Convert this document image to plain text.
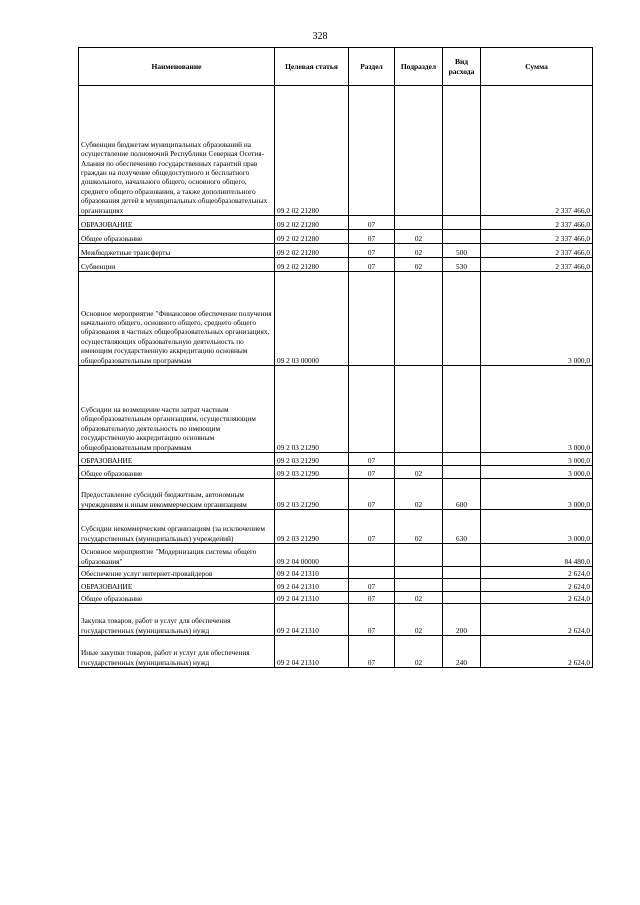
328
Наименование	Целевая статья	Раздел	Подраздел	Вид расхода	Сумма
Субвенции бюджетам муниципальных образований на осуществление полномочий Республики Северная Осетия-Алания по обеспечению государственных гарантий прав граждан на получение общедоступного и бесплатного дошкольного, начального общего, основного общего, среднего общего образования, а также дополнительного образования детей в муниципальных общеобразовательных организациях	09 2 02 21280				2 337 466,0
ОБРАЗОВАНИЕ	09 2 02 21280	07			2 337 466,0
Общее образование	09 2 02 21280	07	02		2 337 466,0
Межбюджетные трансферты	09 2 02 21280	07	02	500	2 337 466,0
Субвенции	09 2 02 21280	07	02	530	2 337 466,0
Основное мероприятие "Финансовое обеспечение получения начального общего, основного общего, среднего общего образования в частных общеобразовательных организациях, осуществляющих образовательную деятельность по имеющим государственную аккредитацию основным общеобразовательным программам	09 2 03 00000				3 000,0
Субсидии на возмещение части затрат частным общеобразовательным организациям, осуществляющим образовательную деятельность по имеющим государственную аккредитацию основным общеобразовательным программам	09 2 03 21290				3 000,0
ОБРАЗОВАНИЕ	09 2 03 21290	07			3 000,0
Общее образование	09 2 03 21290	07	02		3 000,0
Предоставление субсидий бюджетным, автономным учреждениям и иным некоммерческим организациям	09 2 03 21290	07	02	600	3 000,0
Субсидии некоммерческим организациям (за исключением государственных (муниципальных) учреждений)	09 2 03 21290	07	02	630	3 000,0
Основное мероприятие "Модернизация системы общего образования"	09 2 04 00000				84 480,0
Обеспечение услуг интернет-провайдеров	09 2 04 21310				2 624,0
ОБРАЗОВАНИЕ	09 2 04 21310	07			2 624,0
Общее образование	09 2 04 21310	07	02		2 624,0
Закупка товаров, работ и услуг для обеспечения государственных (муниципальных) нужд	09 2 04 21310	07	02	200	2 624,0
Иные закупки товаров, работ и услуг для обеспечения государственных (муниципальных) нужд	09 2 04 21310	07	02	240	2 624,0
